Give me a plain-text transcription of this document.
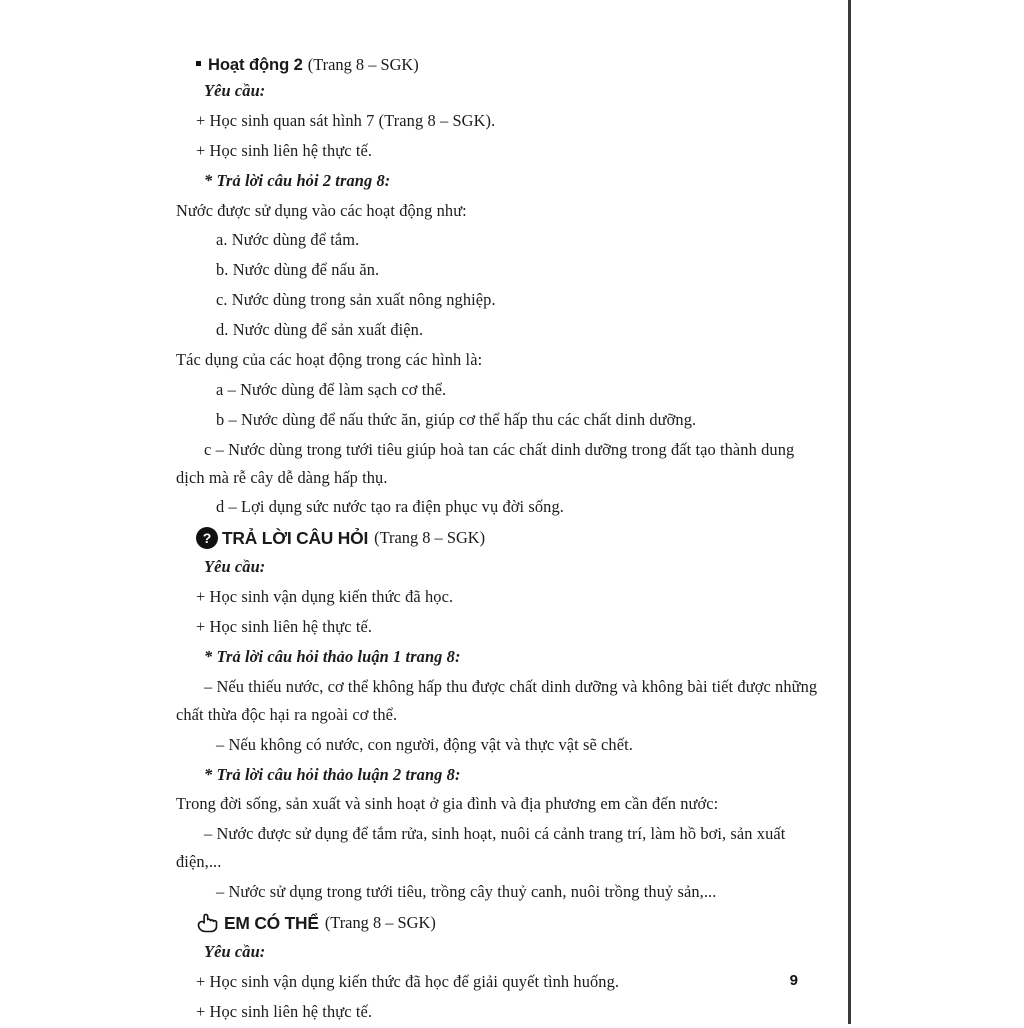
Hoạt động 2 (Trang 8 – SGK)

Yêu cầu:

+ Học sinh quan sát hình 7 (Trang 8 – SGK).

+ Học sinh liên hệ thực tế.

* Trả lời câu hỏi 2 trang 8:

Nước được sử dụng vào các hoạt động như:

a. Nước dùng để tắm.

b. Nước dùng để nấu ăn.

c. Nước dùng trong sản xuất nông nghiệp.

d. Nước dùng để sản xuất điện.

Tác dụng của các hoạt động trong các hình là:

a – Nước dùng để làm sạch cơ thể.

b – Nước dùng để nấu thức ăn, giúp cơ thể hấp thu các chất dinh dưỡng.

c – Nước dùng trong tưới tiêu giúp hoà tan các chất dinh dưỡng trong đất tạo thành dung dịch mà rễ cây dễ dàng hấp thụ.

d – Lợi dụng sức nước tạo ra điện phục vụ đời sống.

? TRẢ LỜI CÂU HỎI (Trang 8 – SGK)

Yêu cầu:

+ Học sinh vận dụng kiến thức đã học.

+ Học sinh liên hệ thực tế.

* Trả lời câu hỏi thảo luận 1 trang 8:

– Nếu thiếu nước, cơ thể không hấp thu được chất dinh dưỡng và không bài tiết được những chất thừa độc hại ra ngoài cơ thể.

– Nếu không có nước, con người, động vật và thực vật sẽ chết.

* Trả lời câu hỏi thảo luận 2 trang 8:

Trong đời sống, sản xuất và sinh hoạt ở gia đình và địa phương em cần đến nước:

– Nước được sử dụng để tắm rửa, sinh hoạt, nuôi cá cảnh trang trí, làm hồ bơi, sản xuất điện,...

– Nước sử dụng trong tưới tiêu, trồng cây thuỷ canh, nuôi trồng thuỷ sản,...

EM CÓ THỂ (Trang 8 – SGK)

Yêu cầu:

+ Học sinh vận dụng kiến thức đã học để giải quyết tình huống.

+ Học sinh liên hệ thực tế.

9
